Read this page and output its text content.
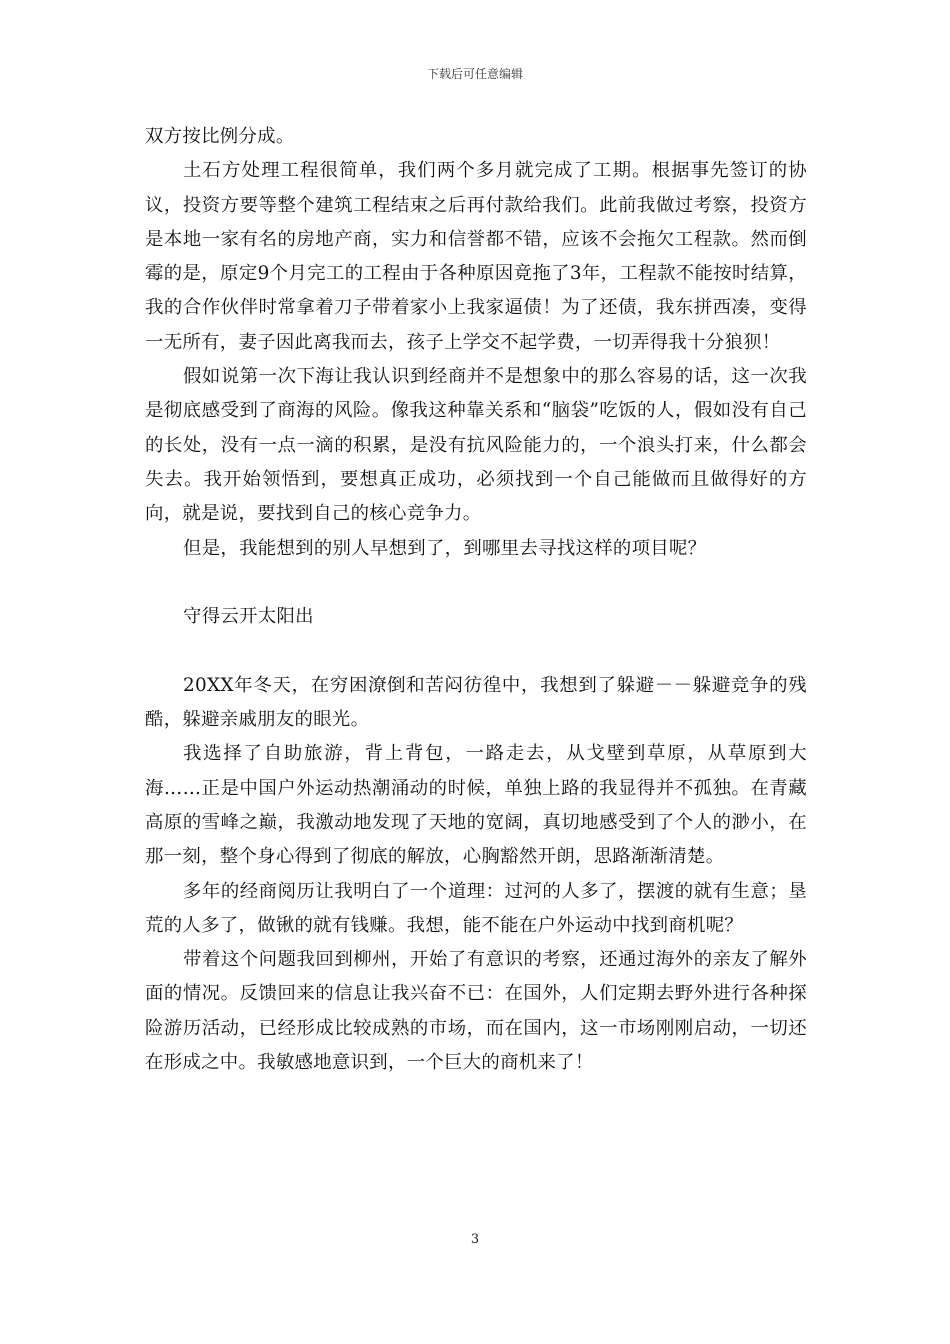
下载后可任意编辑

双方按比例分成。

土石方处理工程很简单，我们两个多月就完成了工期。根据事先签订的协议，投资方要等整个建筑工程结束之后再付款给我们。此前我做过考察，投资方是本地一家有名的房地产商，实力和信誉都不错，应该不会拖欠工程款。然而倒霉的是，原定9个月完工的工程由于各种原因竟拖了3年，工程款不能按时结算，我的合作伙伴时常拿着刀子带着家小上我家逼债！为了还债，我东拼西凑，变得一无所有，妻子因此离我而去，孩子上学交不起学费，一切弄得我十分狼狈！

假如说第一次下海让我认识到经商并不是想象中的那么容易的话，这一次我是彻底感受到了商海的风险。像我这种靠关系和“脑袋”吃饭的人，假如没有自己的长处，没有一点一滴的积累，是没有抗风险能力的，一个浪头打来，什么都会失去。我开始领悟到，要想真正成功，必须找到一个自己能做而且做得好的方向，就是说，要找到自己的核心竞争力。

但是，我能想到的别人早想到了，到哪里去寻找这样的项目呢？

守得云开太阳出

20XX年冬天，在穷困潦倒和苦闷彷徨中，我想到了躲避－－躲避竞争的残酷，躲避亲戚朋友的眼光。

我选择了自助旅游，背上背包，一路走去，从戈壁到草原，从草原到大海……正是中国户外运动热潮涌动的时候，单独上路的我显得并不孤独。在青藏高原的雪峰之巅，我激动地发现了天地的宽阔，真切地感受到了个人的渺小，在那一刻，整个身心得到了彻底的解放，心胸豁然开朗，思路渐渐清楚。

多年的经商阅历让我明白了一个道理：过河的人多了，摆渡的就有生意；垦荒的人多了，做锹的就有钱赚。我想，能不能在户外运动中找到商机呢？

带着这个问题我回到柳州，开始了有意识的考察，还通过海外的亲友了解外面的情况。反馈回来的信息让我兴奋不已：在国外，人们定期去野外进行各种探险游历活动，已经形成比较成熟的市场，而在国内，这一市场刚刚启动，一切还在形成之中。我敏感地意识到，一个巨大的商机来了！

3
